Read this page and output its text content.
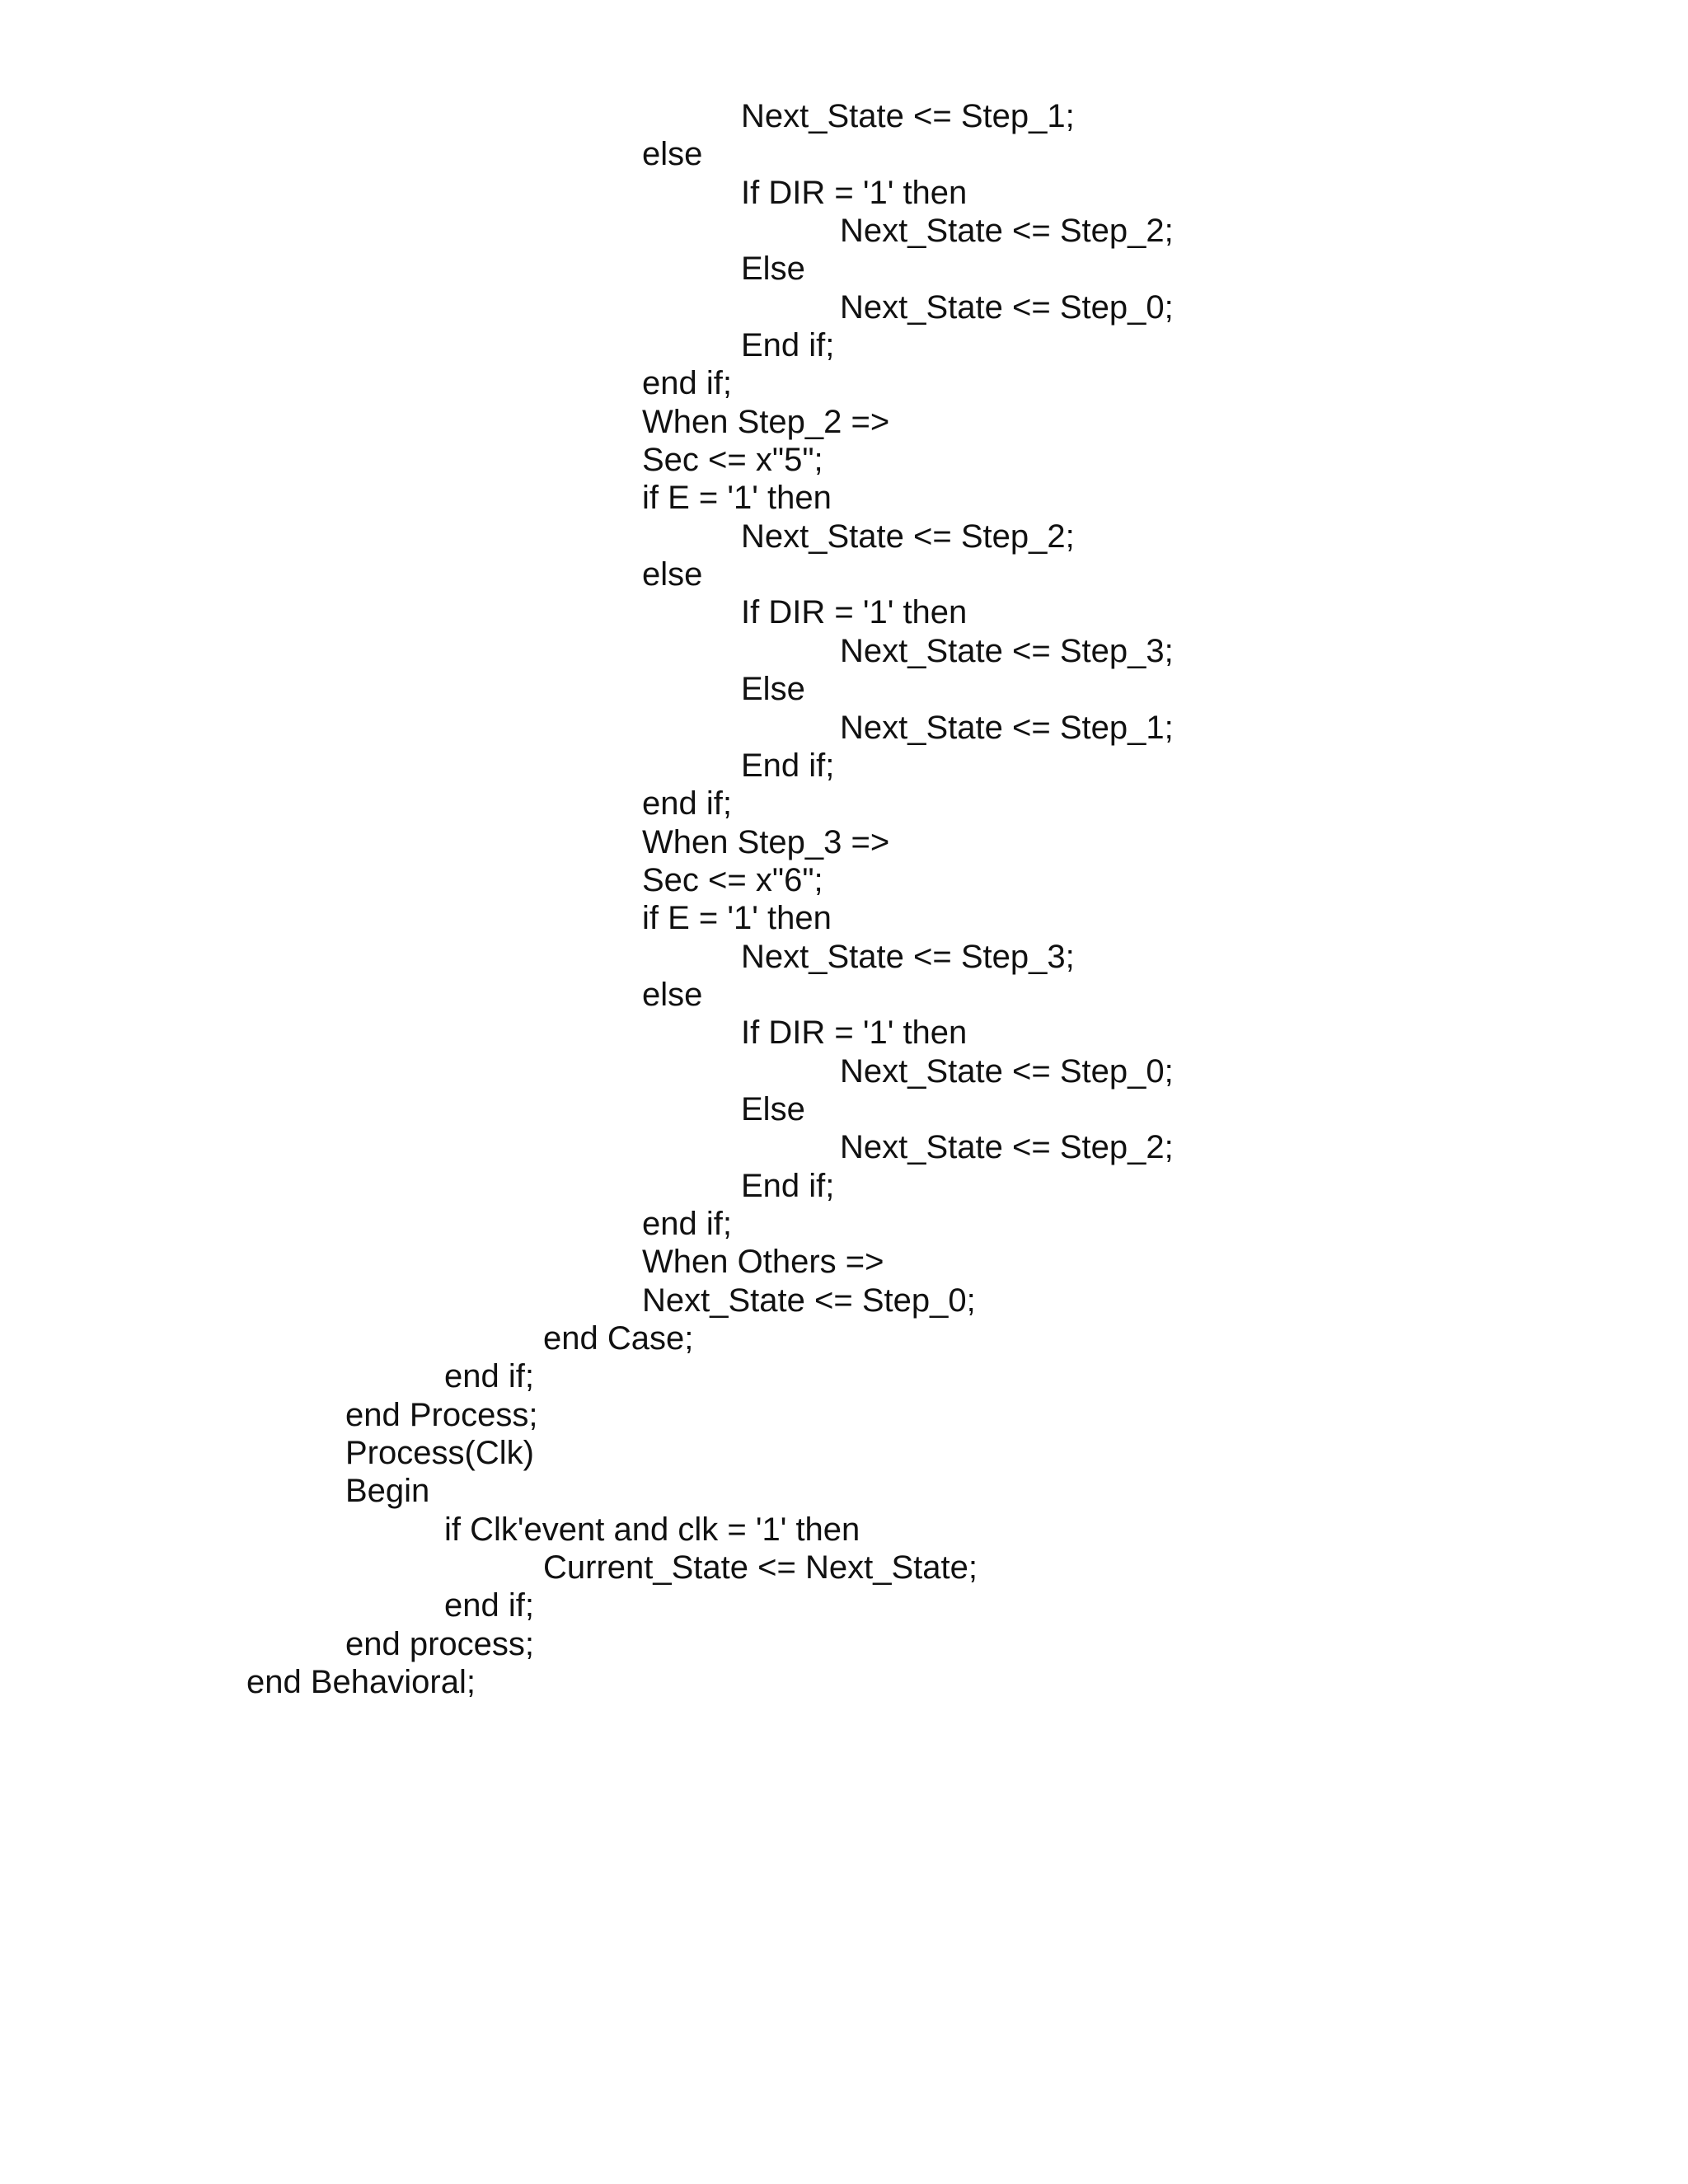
Next_State <= Step_1;
else
If DIR = '1' then
Next_State <= Step_2;
Else
Next_State <= Step_0;
End if;
end if;
When Step_2 =>
Sec <= x"5";
if E = '1' then
Next_State <= Step_2;
else
If DIR = '1' then
Next_State <= Step_3;
Else
Next_State <= Step_1;
End if;
end if;
When Step_3 =>
Sec <= x"6";
if E = '1' then
Next_State <= Step_3;
else
If DIR = '1' then
Next_State <= Step_0;
Else
Next_State <= Step_2;
End if;
end if;
When Others =>
Next_State <= Step_0;
end Case;
end if;
end Process;
Process(Clk)
Begin
if Clk'event and clk = '1' then
Current_State <= Next_State;
end if;
end process;
end Behavioral;
